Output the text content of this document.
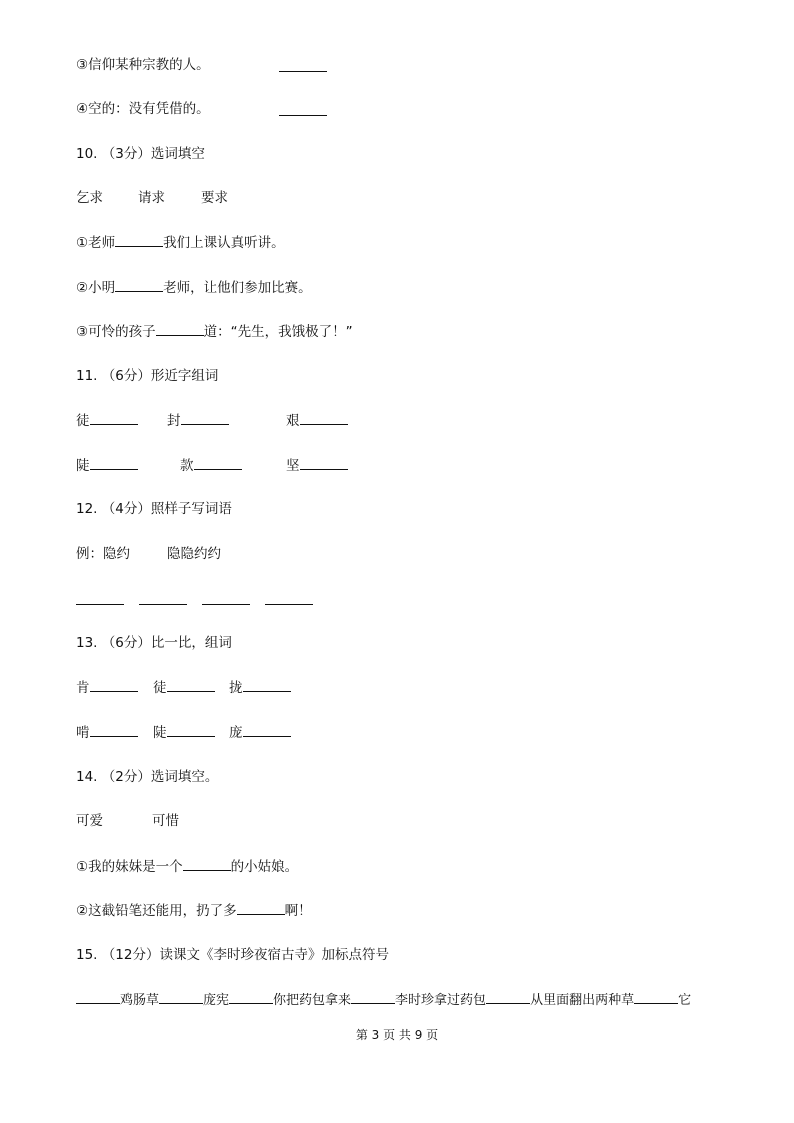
③信仰某种宗教的人。
④空的：没有凭借的。
10. （3分）选词填空
乞求	请求	要求
①老师	我们上课认真听讲。
②小明	老师，让他们参加比赛。
③可怜的孩子	道：“先生，我饿极了！”
11. （6分）形近字组词
徒	封	艰
陡	款	坚
12. （4分）照样子写词语
例：隐约	隐隐约约
13. （6分）比一比，组词
肯	徒	拢
啃	陡	庞
14. （2分）选词填空。
可爱	可惜
①我的妹妹是一个	的小姑娘。
②这截铅笔还能用，扔了多	啊！
15. （12分）读课文《李时珍夜宿古寺》加标点符号
鸡肠草	庞宪	你把药包拿来	李时珍拿过药包	从里面翻出两种草	它
第 3 页 共 9 页
